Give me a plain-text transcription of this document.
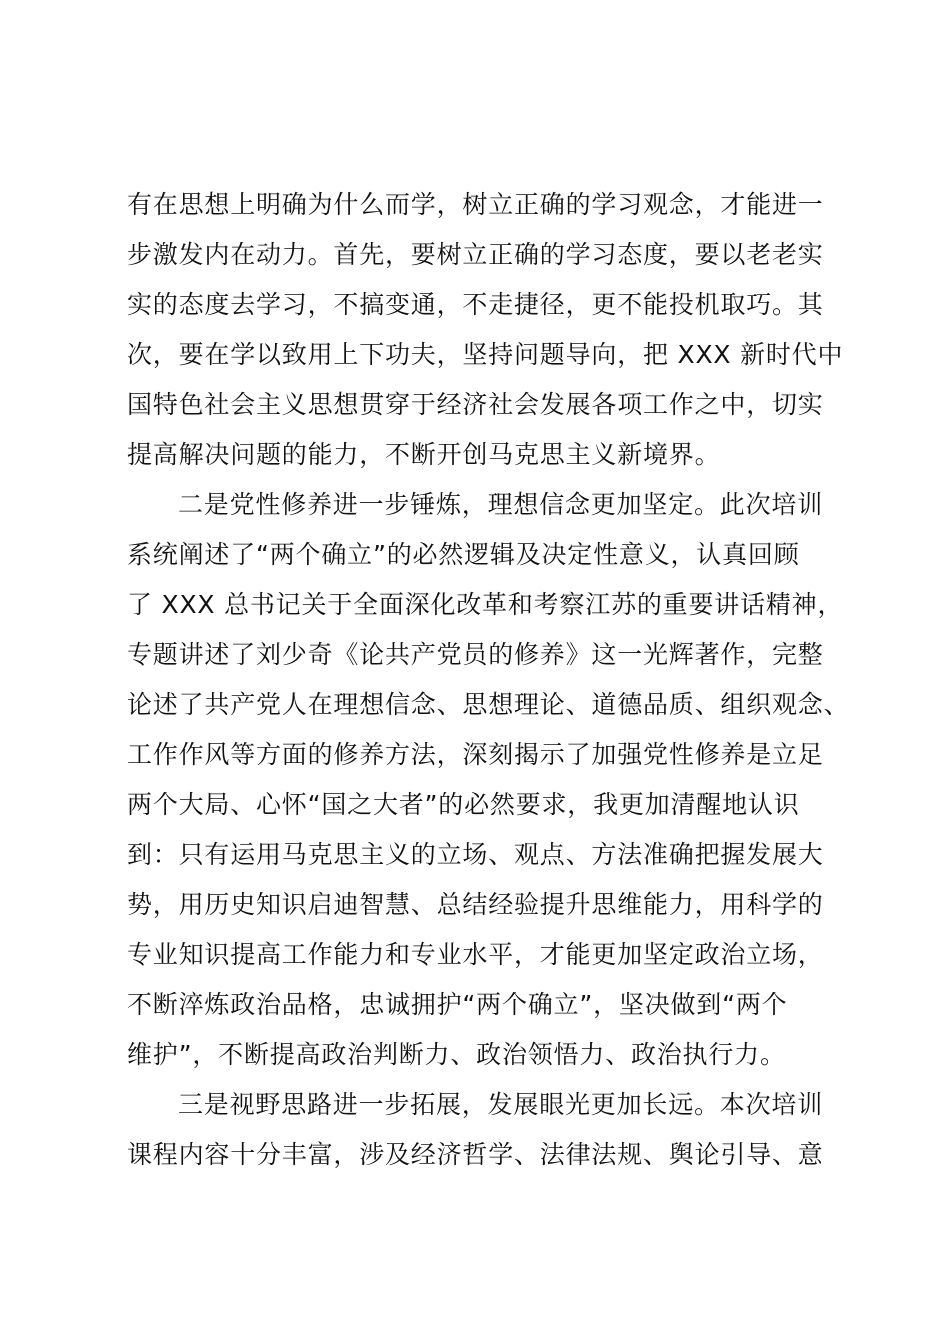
有在思想上明确为什么而学，树立正确的学习观念，才能进一
步激发内在动力。首先，要树立正确的学习态度，要以老老实
实的态度去学习，不搞变通，不走捷径，更不能投机取巧。其
次，要在学以致用上下功夫，坚持问题导向，把 XXX 新时代中
国特色社会主义思想贯穿于经济社会发展各项工作之中，切实
提高解决问题的能力，不断开创马克思主义新境界。
二是党性修养进一步锤炼，理想信念更加坚定。此次培训
系统阐述了“两个确立”的必然逻辑及决定性意义，认真回顾
了 XXX 总书记关于全面深化改革和考察江苏的重要讲话精神，
专题讲述了刘少奇《论共产党员的修养》这一光辉著作，完整
论述了共产党人在理想信念、思想理论、道德品质、组织观念、
工作作风等方面的修养方法，深刻揭示了加强党性修养是立足
两个大局、心怀“国之大者”的必然要求，我更加清醒地认识
到：只有运用马克思主义的立场、观点、方法准确把握发展大
势，用历史知识启迪智慧、总结经验提升思维能力，用科学的
专业知识提高工作能力和专业水平，才能更加坚定政治立场，
不断淬炼政治品格，忠诚拥护“两个确立”，坚决做到“两个
维护”，不断提高政治判断力、政治领悟力、政治执行力。
三是视野思路进一步拓展，发展眼光更加长远。本次培训
课程内容十分丰富，涉及经济哲学、法律法规、舆论引导、意
